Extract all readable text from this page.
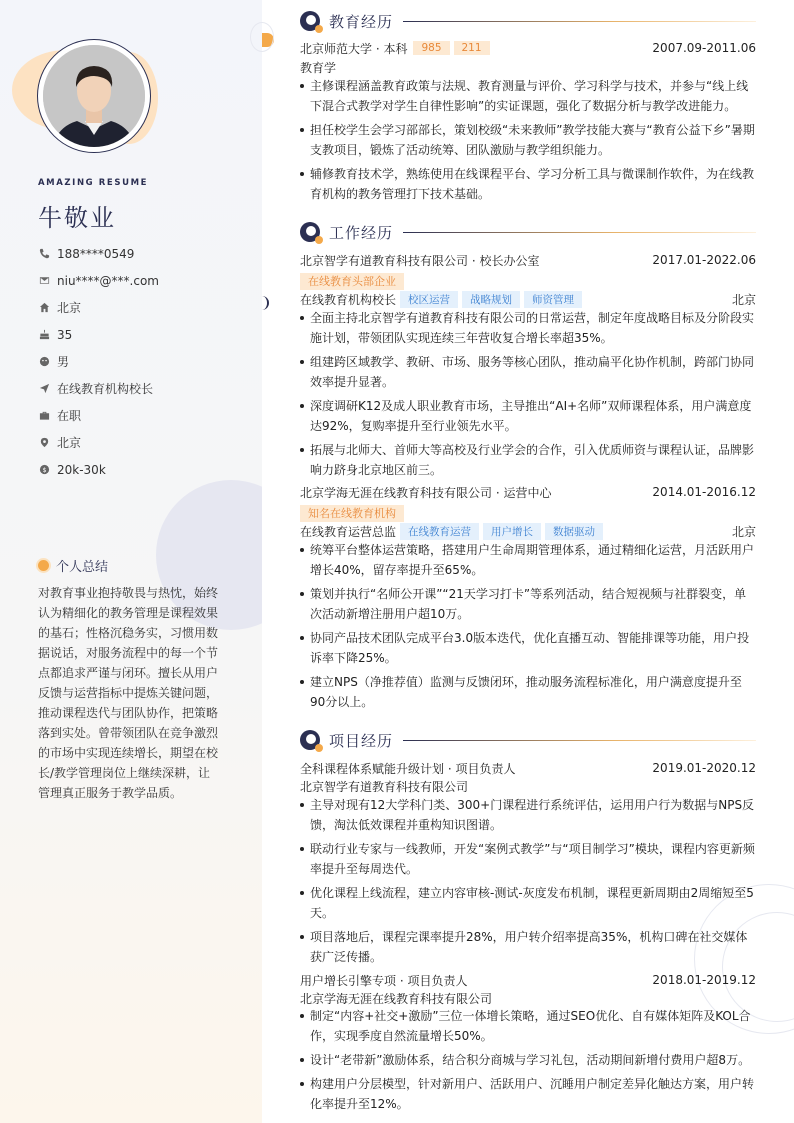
AMAZING RESUME
牛敬业
188****0549
niu****@***.com
北京
35
男
在线教育机构校长
在职
北京
$ 20k-30k
个人总结
对教育事业抱持敬畏与热忱，始终认为精细化的教务管理是课程效果的基石；性格沉稳务实，习惯用数据说话，对服务流程中的每一个节点都追求严谨与闭环。擅长从用户反馈与运营指标中提炼关键问题，推动课程迭代与团队协作，把策略落到实处。曾带领团队在竞争激烈的市场中实现连续增长，期望在校长/教学管理岗位上继续深耕，让管理真正服务于教学品质。
教育经历
北京师范大学 · 本科	985	211	2007.09-2011.06
教育学
主修课程涵盖教育政策与法规、教育测量与评价、学习科学与技术，并参与“线上线下混合式教学对学生自律性影响”的实证课题，强化了数据分析与教学改进能力。
担任校学生会学习部部长，策划校级“未来教师”教学技能大赛与“教育公益下乡”暑期支教项目，锻炼了活动统筹、团队激励与教学组织能力。
辅修教育技术学，熟练使用在线课程平台、学习分析工具与微课制作软件，为在线教育机构的教务管理打下技术基础。
工作经历
北京智学有道教育科技有限公司 · 校长办公室	2017.01-2022.06
在线教育头部企业
在线教育机构校长	校区运营	战略规划	师资管理	北京
全面主持北京智学有道教育科技有限公司的日常运营，制定年度战略目标及分阶段实施计划，带领团队实现连续三年营收复合增长率超35%。
组建跨区域教学、教研、市场、服务等核心团队，推动扁平化协作机制，跨部门协同效率提升显著。
深度调研K12及成人职业教育市场，主导推出“AI+名师”双师课程体系，用户满意度达92%，复购率提升至行业领先水平。
拓展与北师大、首师大等高校及行业学会的合作，引入优质师资与课程认证，品牌影响力跻身北京地区前三。
北京学海无涯在线教育科技有限公司 · 运营中心	2014.01-2016.12
知名在线教育机构
在线教育运营总监	在线教育运营	用户增长	数据驱动	北京
统筹平台整体运营策略，搭建用户生命周期管理体系，通过精细化运营，月活跃用户增长40%，留存率提升至65%。
策划并执行“名师公开课”“21天学习打卡”等系列活动，结合短视频与社群裂变，单次活动新增注册用户超10万。
协同产品技术团队完成平台3.0版本迭代，优化直播互动、智能排课等功能，用户投诉率下降25%。
建立NPS（净推荐值）监测与反馈闭环，推动服务流程标准化，用户满意度提升至90分以上。
项目经历
全科课程体系赋能升级计划 · 项目负责人	2019.01-2020.12
北京智学有道教育科技有限公司
主导对现有12大学科门类、300+门课程进行系统评估，运用用户行为数据与NPS反馈，淘汰低效课程并重构知识图谱。
联动行业专家与一线教师，开发“案例式教学”与“项目制学习”模块，课程内容更新频率提升至每周迭代。
优化课程上线流程，建立内容审核-测试-灰度发布机制，课程更新周期由2周缩短至5天。
项目落地后，课程完课率提升28%，用户转介绍率提高35%，机构口碑在社交媒体获广泛传播。
用户增长引擎专项 · 项目负责人	2018.01-2019.12
北京学海无涯在线教育科技有限公司
制定“内容+社交+激励”三位一体增长策略，通过SEO优化、自有媒体矩阵及KOL合作，实现季度自然流量增长50%。
设计“老带新”激励体系，结合积分商城与学习礼包，活动期间新增付费用户超8万。
构建用户分层模型，针对新用户、活跃用户、沉睡用户制定差异化触达方案，用户转化率提升至12%。
